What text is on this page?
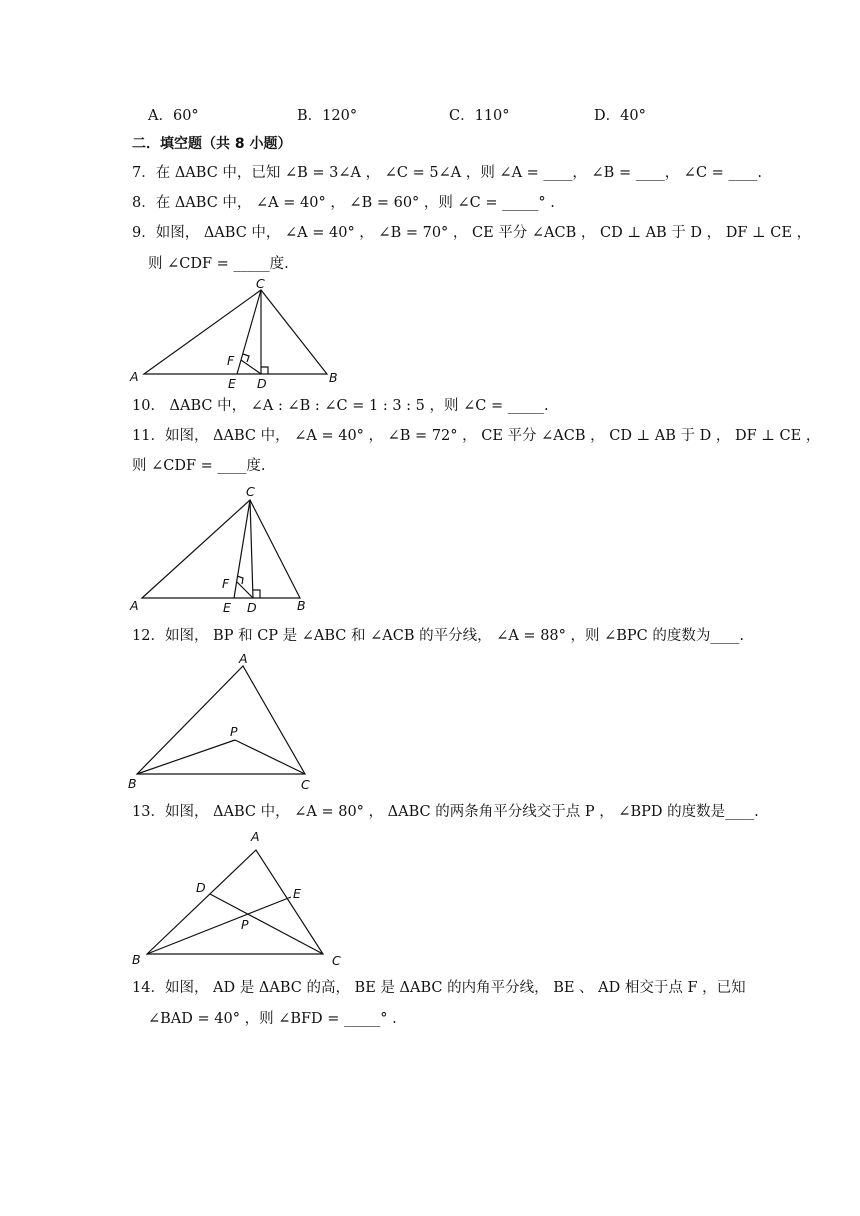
A．60°	B．120°	C．110°	D．40°
二．填空题（共 8 小题）
7．在 ΔABC 中，已知 ∠B = 3∠A ， ∠C = 5∠A ，则 ∠A = ____， ∠B = ____， ∠C = ____.
8．在 ΔABC 中， ∠A = 40° ， ∠B = 60° ，则 ∠C = _____° .
9．如图， ΔABC 中， ∠A = 40° ， ∠B = 70° ， CE 平分 ∠ACB ， CD ⊥ AB 于 D ， DF ⊥ CE ，
则 ∠CDF = _____度.
A
C
B
E D
F
10． ΔABC 中， ∠A : ∠B : ∠C = 1 : 3 : 5 ，则 ∠C = _____.
11．如图， ΔABC 中， ∠A = 40° ， ∠B = 72° ， CE 平分 ∠ACB ， CD ⊥ AB 于 D ， DF ⊥ CE ，
则 ∠CDF = ____度.
A
C
B
E D
F
12．如图， BP 和 CP 是 ∠ABC 和 ∠ACB 的平分线， ∠A = 88° ，则 ∠BPC 的度数为____.
A
P
B	C
13．如图， ΔABC 中， ∠A = 80° ， ΔABC 的两条角平分线交于点 P ， ∠BPD 的度数是____.
A
D	E
P
B	C
14．如图， AD 是 ΔABC 的高， BE 是 ΔABC 的内角平分线， BE 、 AD 相交于点 F ，已知
∠BAD = 40° ，则 ∠BFD = _____° .
